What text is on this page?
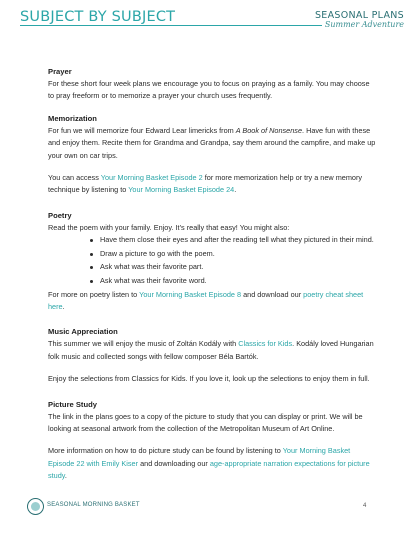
SUBJECT BY SUBJECT	SEASONAL PLANS
Summer Adventure
Prayer

For these short four week plans we encourage you to focus on praying as a family. You may choose to pray freeform or to memorize a prayer your church uses frequently.

Memorization

For fun we will memorize four Edward Lear limericks from A Book of Nonsense. Have fun with these and enjoy them. Recite them for Grandma and Grandpa, say them around the campfire, and make up your own on car trips.

You can access Your Morning Basket Episode 2 for more memorization help or try a new memory technique by listening to Your Morning Basket Episode 24.

Poetry

Read the poem with your family. Enjoy. It’s really that easy! You might also:

Have them close their eyes and after the reading tell what they pictured in their mind.
Draw a picture to go with the poem.
Ask what was their favorite part.
Ask what was their favorite word.

For more on poetry listen to Your Morning Basket Episode 8 and download our poetry cheat sheet here.

Music Appreciation

This summer we will enjoy the music of Zoltán Kodály with Classics for Kids. Kodály loved Hungarian folk music and collected songs with fellow composer Béla Bartók.

Enjoy the selections from Classics for Kids. If you love it, look up the selections to enjoy them in full.

Picture Study

The link in the plans goes to a copy of the picture to study that you can display or print. We will be looking at seasonal artwork from the collection of the Metropolitan Museum of Art Online.

More information on how to do picture study can be found by listening to Your Morning Basket Episode 22 with Emily Kiser and downloading our age-appropriate narration expectations for picture study.

SEASONAL MORNING BASKET	4
